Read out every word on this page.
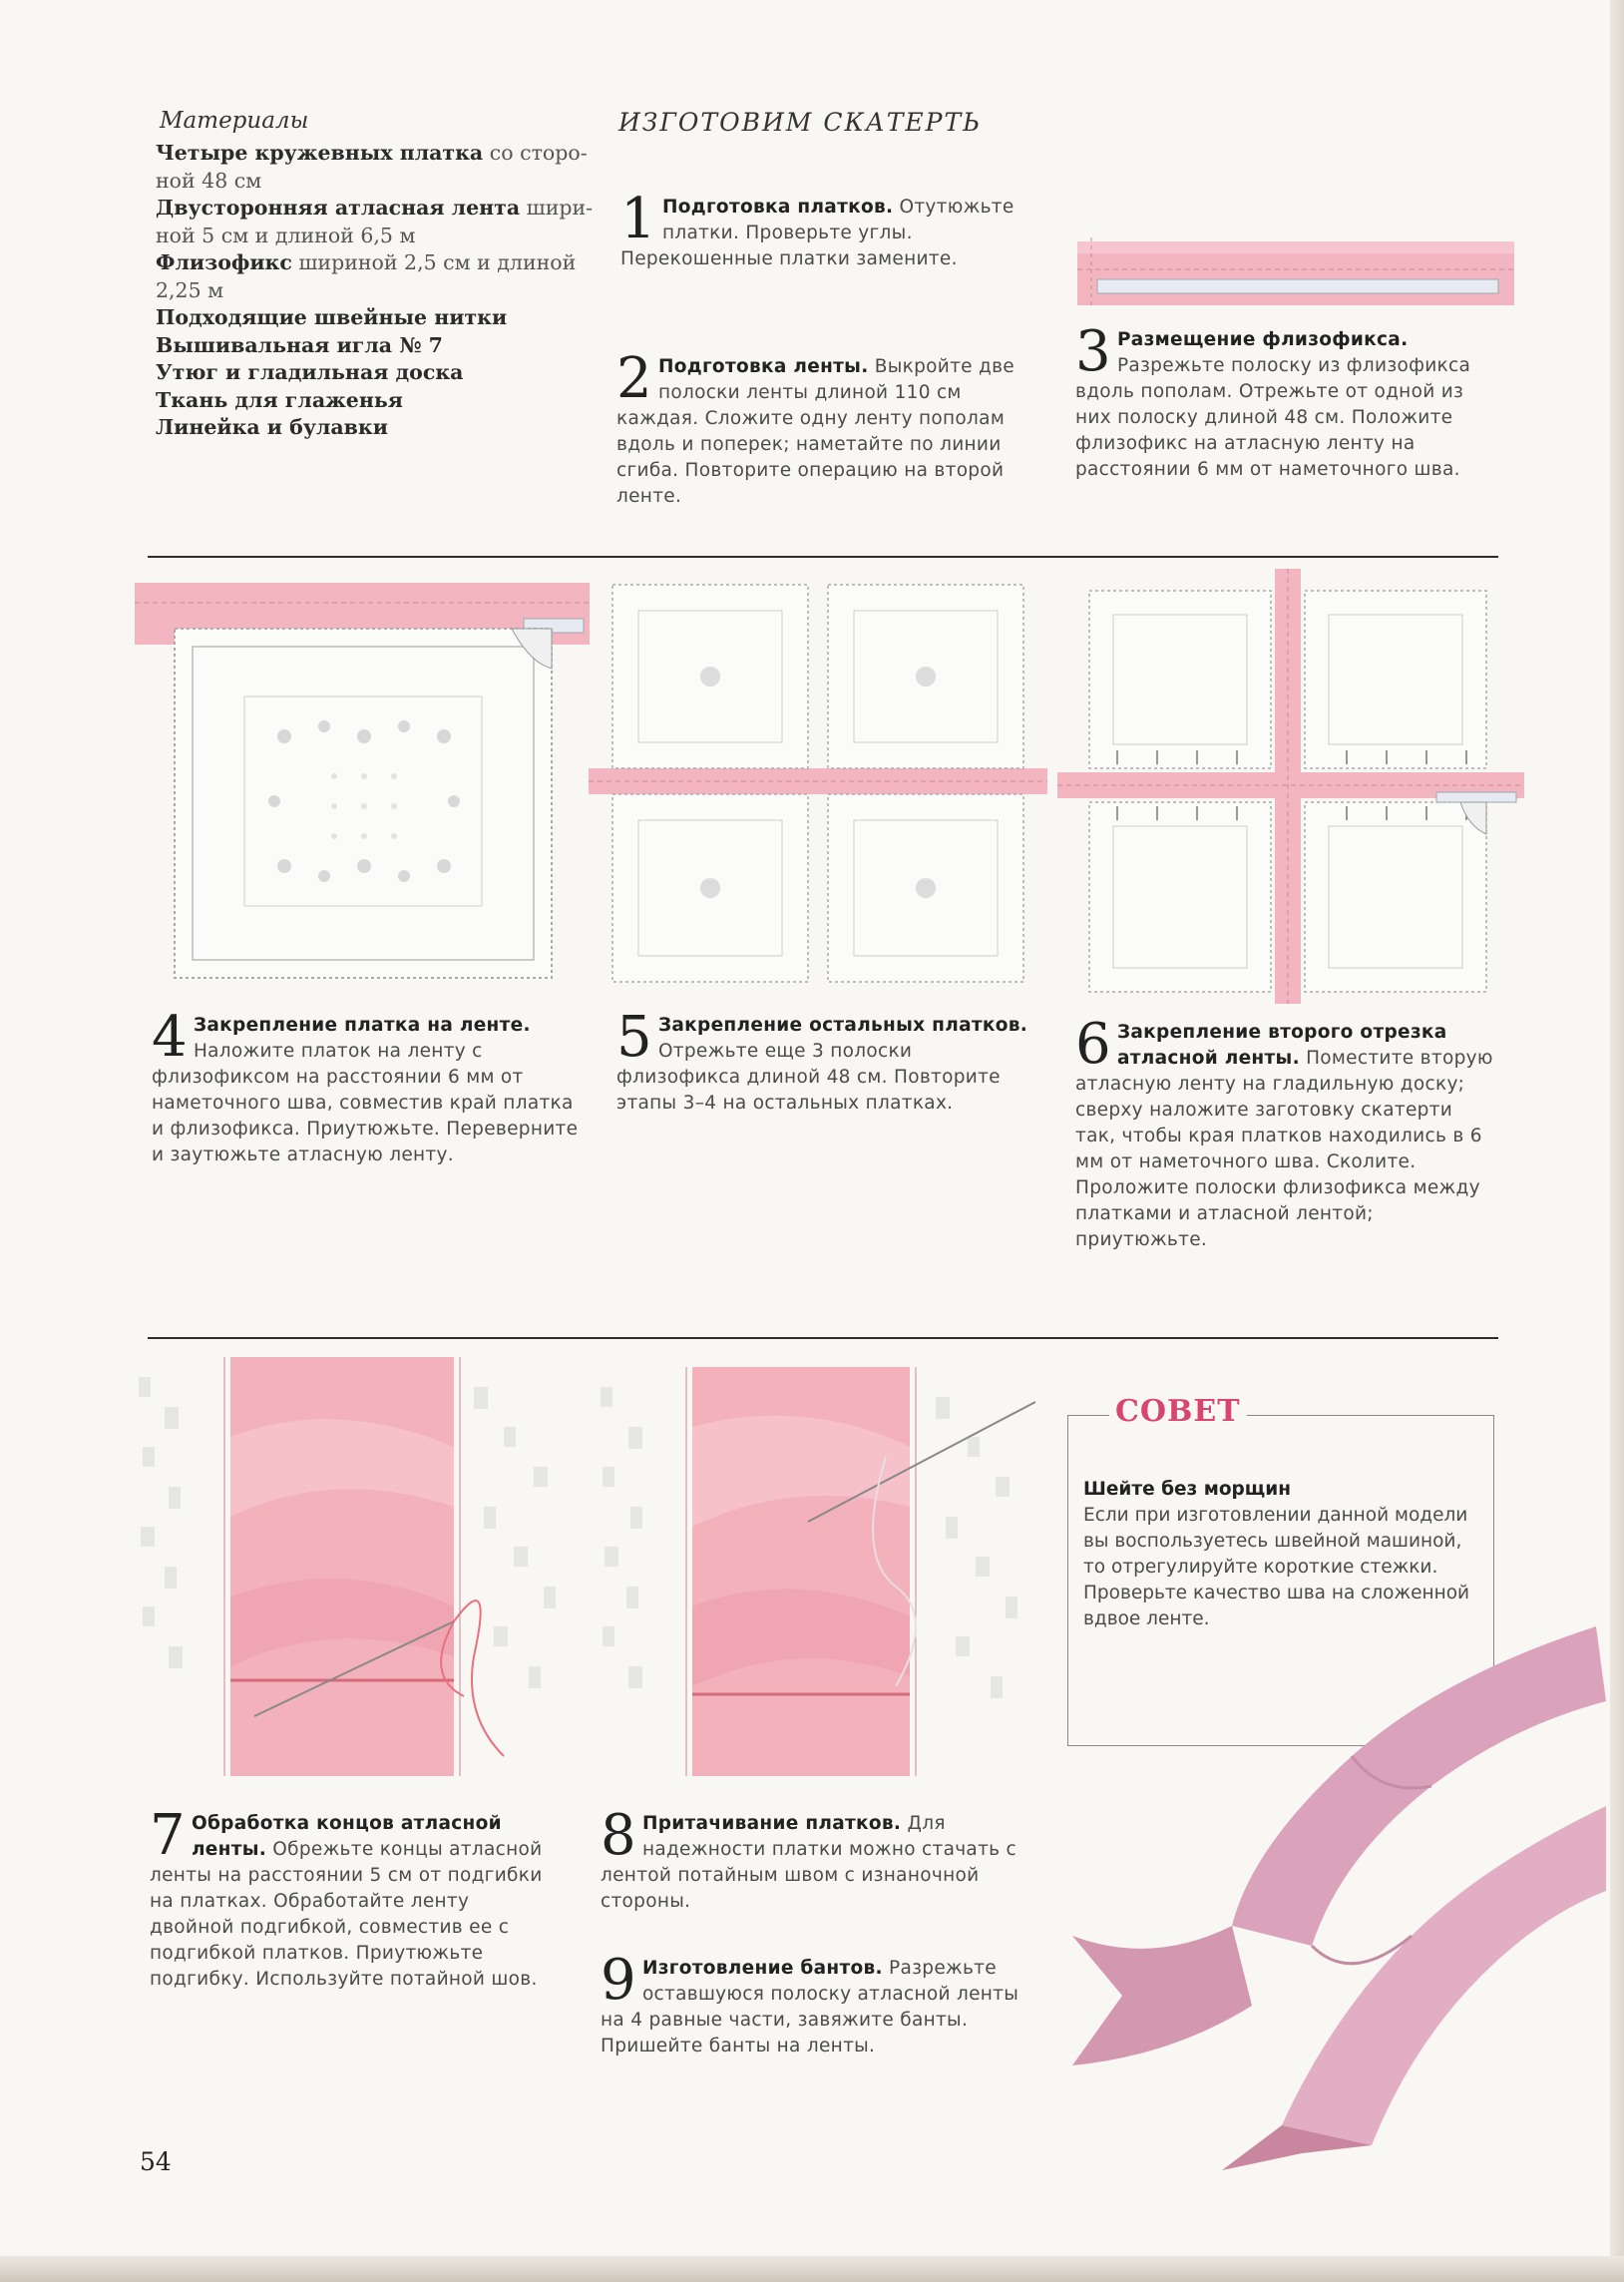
Материалы
Четыре кружевных платка со сторо-
ной 48 см
Двусторонняя атласная лента шири-
ной 5 см и длиной 6,5 м
Флизофикс шириной 2,5 см и длиной
2,25 м
Подходящие швейные нитки
Вышивальная игла № 7
Утюг и гладильная доска
Ткань для глаженья
Линейка и булавки
ИЗГОТОВИМ СКАТЕРТЬ
1 Подготовка платков. Отутюжьте платки. Проверьте углы. Перекошенные платки замените.
2 Подготовка ленты. Выкройте две полоски ленты длиной 110 см каждая. Сложите одну ленту пополам вдоль и поперек; наметайте по линии сгиба. Повторите операцию на второй ленте.
3 Размещение флизофикса. Разрежьте полоску из флизофикса вдоль пополам. Отрежьте от одной из них полоску длиной 48 см. Положите флизофикс на атласную ленту на расстоянии 6 мм от наметочного шва.
4 Закрепление платка на ленте. Наложите платок на ленту с флизофиксом на расстоянии 6 мм от наметочного шва, совместив край платка и флизофикса. Приутюжьте. Переверните и заутюжьте атласную ленту.
5 Закрепление остальных платков. Отрежьте еще 3 полоски флизофикса длиной 48 см. Повторите этапы 3–4 на остальных платках.
6 Закрепление второго отрезка атласной ленты. Поместите вторую атласную ленту на гладильную доску; сверху наложите заготовку скатерти так, чтобы края платков находились в 6 мм от наметочного шва. Сколите. Проложите полоски флизофикса между платками и атласной лентой; приутюжьте.
СОВЕТ
Шейте без морщин
Если при изготовлении данной модели вы воспользуетесь швейной машиной, то отрегулируйте короткие стежки. Проверьте качество шва на сложенной вдвое ленте.
7 Обработка концов атласной ленты. Обрежьте концы атласной ленты на расстоянии 5 см от подгибки на платках. Обработайте ленту двойной подгибкой, совместив ее с подгибкой платков. Приутюжьте подгибку. Используйте потайной шов.
8 Притачивание платков. Для надежности платки можно стачать с лентой потайным швом с изнаночной стороны.
9 Изготовление бантов. Разрежьте оставшуюся полоску атласной ленты на 4 равные части, завяжите банты. Пришейте банты на ленты.
54
